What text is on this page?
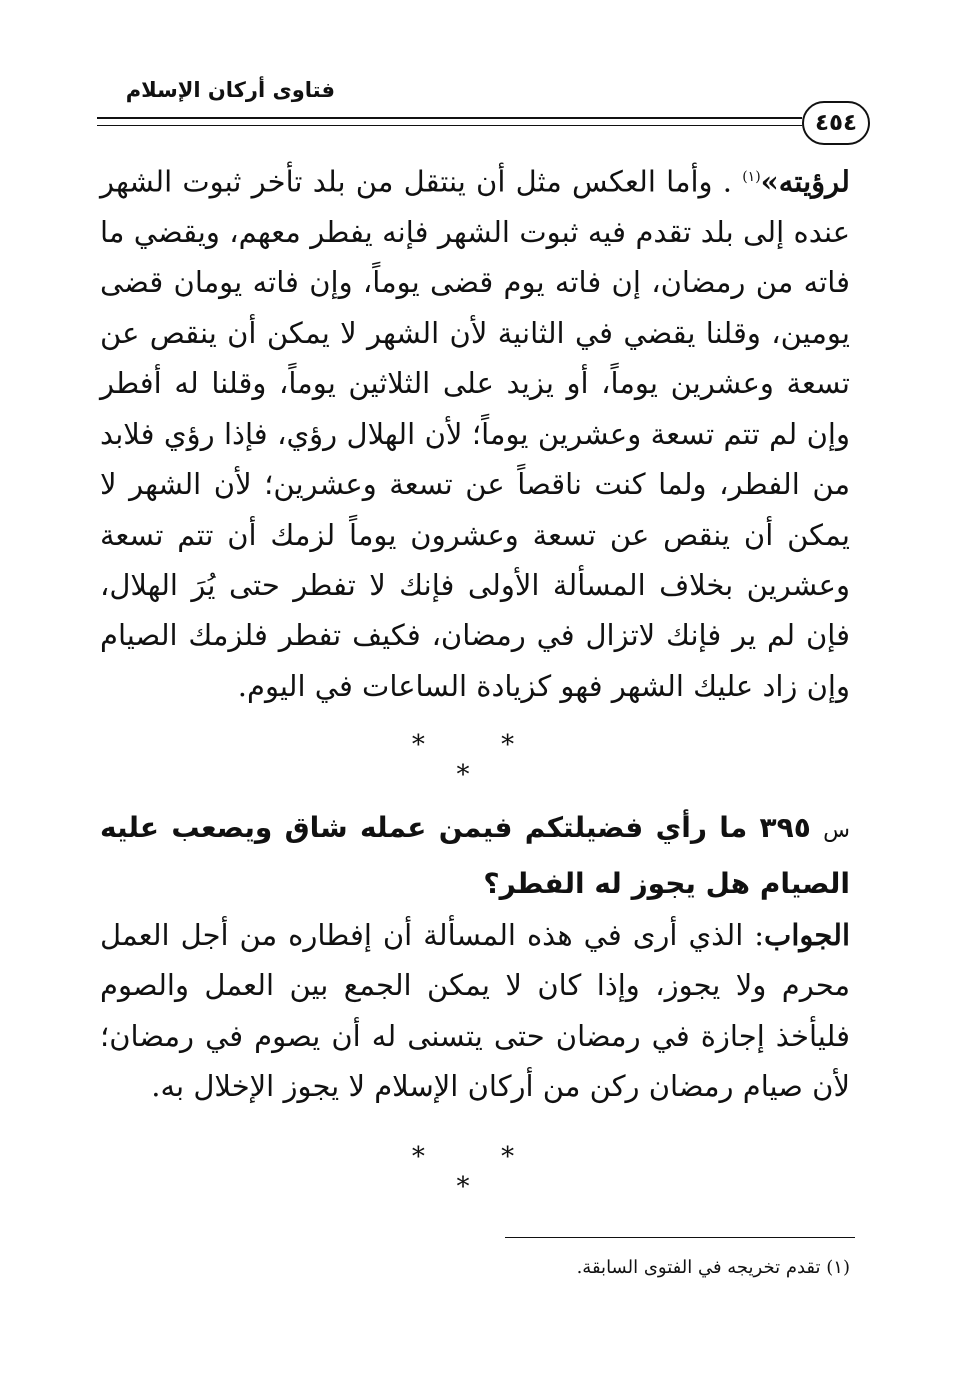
فتاوى أركان الإسلام
٤٥٤

لرؤيته»$^{(١)}$ . وأما العكس مثل أن ينتقل من بلد تأخر ثبوت الشهر عنده إلى بلد تقدم فيه ثبوت الشهر فإنه يفطر معهم، ويقضي ما فاته من رمضان، إن فاته يوم قضى يوماً، وإن فاته يومان قضى يومين، وقلنا يقضي في الثانية لأن الشهر لا يمكن أن ينقص عن تسعة وعشرين يوماً، أو يزيد على الثلاثين يوماً، وقلنا له أفطر وإن لم تتم تسعة وعشرين يوماً؛ لأن الهلال رؤي، فإذا رؤي فلابد من الفطر، ولما كنت ناقصاً عن تسعة وعشرين؛ لأن الشهر لا يمكن أن ينقص عن تسعة وعشرون يوماً لزمك أن تتم تسعة وعشرين بخلاف المسألة الأولى فإنك لا تفطر حتى يُرَ الهلال، فإن لم ير فإنك لاتزال في رمضان، فكيف تفطر فلزمك الصيام وإن زاد عليك الشهر فهو كزيادة الساعات في اليوم.

* * *

س ٣٩٥ ما رأي فضيلتكم فيمن عمله شاق ويصعب عليه الصيام هل يجوز له الفطر؟

الجواب: الذي أرى في هذه المسألة أن إفطاره من أجل العمل محرم ولا يجوز، وإذا كان لا يمكن الجمع بين العمل والصوم فليأخذ إجازة في رمضان حتى يتسنى له أن يصوم في رمضان؛ لأن صيام رمضان ركن من أركان الإسلام لا يجوز الإخلال به.

* * *
(١) تقدم تخريجه في الفتوى السابقة.
